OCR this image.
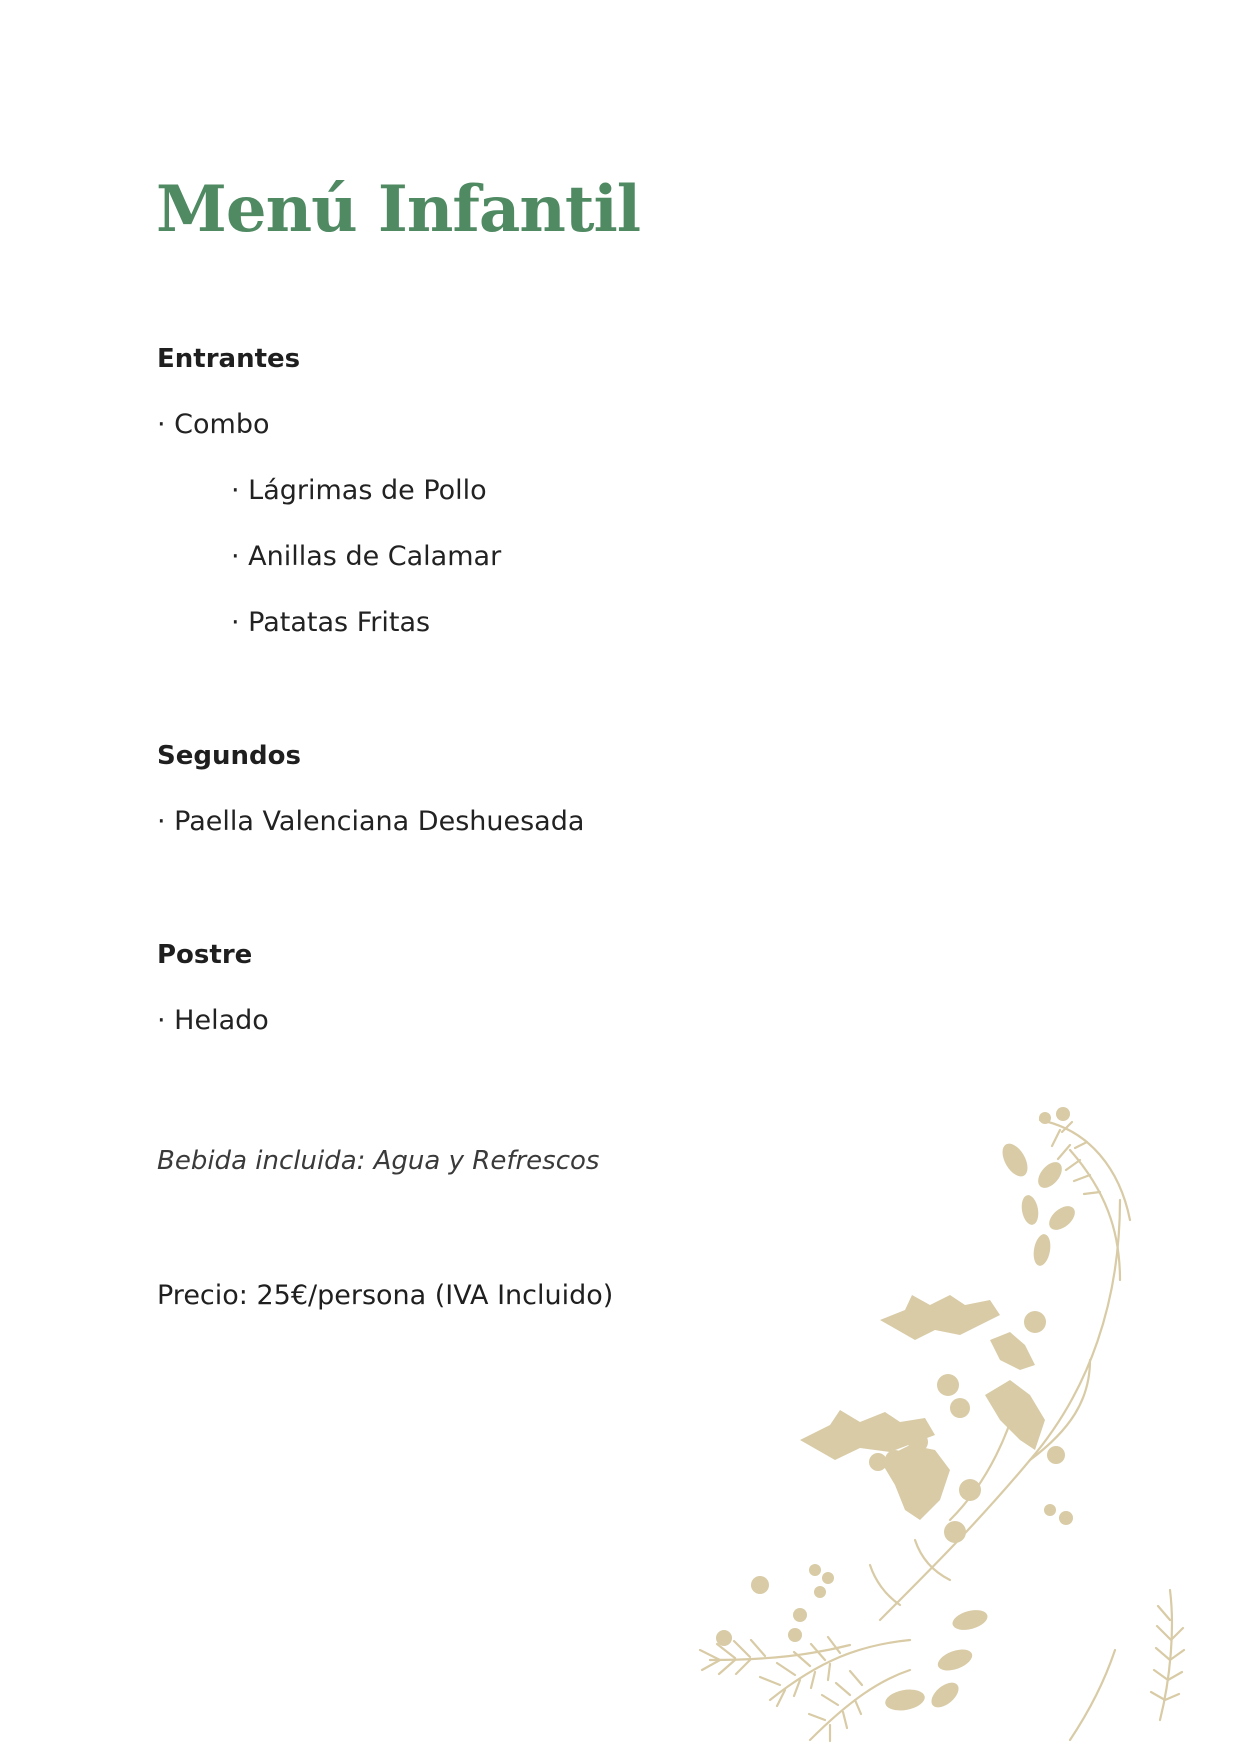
Menú Infantil
Entrantes

· Combo

· Lágrimas de Pollo

· Anillas de Calamar

· Patatas Fritas

Segundos

· Paella Valenciana Deshuesada

Postre

· Helado

Bebida incluida: Agua y Refrescos

Precio: 25€/persona (IVA Incluido)
